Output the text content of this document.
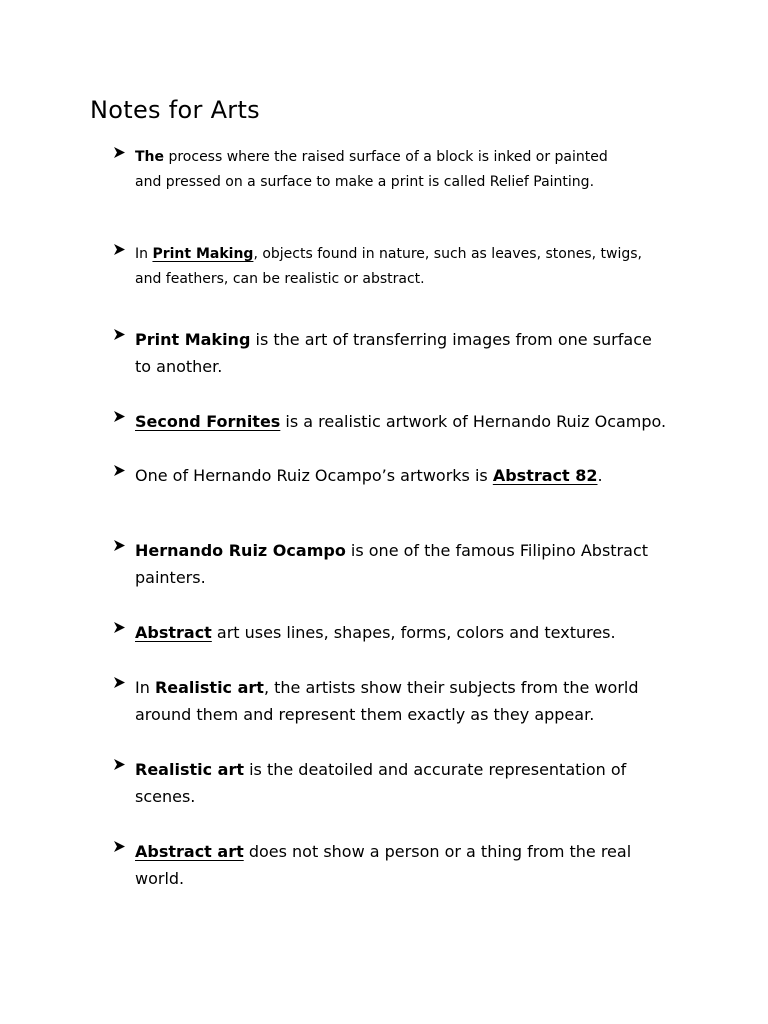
Notes for Arts
The process where the raised surface of a block is inked or painted
and pressed on a surface to make a print is called Relief Painting.
In Print Making, objects found in nature, such as leaves, stones, twigs,
and feathers, can be realistic or abstract.
Print Making is the art of transferring images from one surface
to another.
Second Fornites is a realistic artwork of Hernando Ruiz Ocampo.
One of Hernando Ruiz Ocampo’s artworks is Abstract 82.
Hernando Ruiz Ocampo is one of the famous Filipino Abstract
painters.
Abstract art uses lines, shapes, forms, colors and textures.
In Realistic art, the artists show their subjects from the world
around them and represent them exactly as they appear.
Realistic art is the deatoiled and accurate representation of
scenes.
Abstract art does not show a person or a thing from the real
world.
